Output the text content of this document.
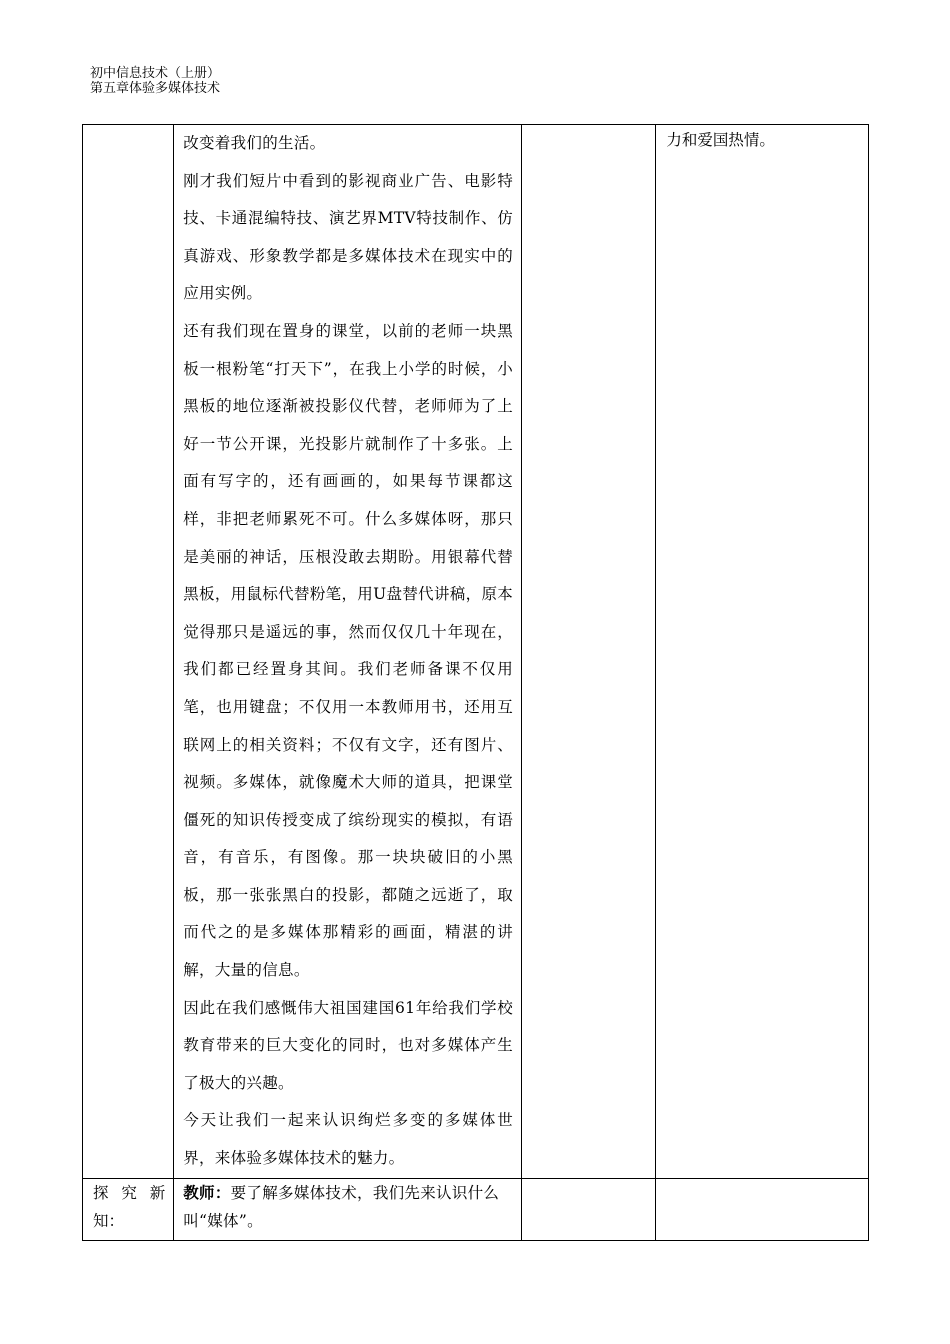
初中信息技术（上册）
第五章体验多媒体技术

	改变着我们的生活。

刚才我们短片中看到的影视商业广告、电影特技、卡通混编特技、演艺界MTV特技制作、仿真游戏、形象教学都是多媒体技术在现实中的应用实例。

还有我们现在置身的课堂，以前的老师一块黑板一根粉笔“打天下”，在我上小学的时候，小黑板的地位逐渐被投影仪代替，老师师为了上好一节公开课，光投影片就制作了十多张。上面有写字的，还有画画的，如果每节课都这样，非把老师累死不可。什么多媒体呀，那只是美丽的神话，压根没敢去期盼。用银幕代替黑板，用鼠标代替粉笔，用U盘替代讲稿，原本觉得那只是遥远的事，然而仅仅几十年现在，我们都已经置身其间。我们老师备课不仅用笔，也用键盘；不仅用一本教师用书，还用互联网上的相关资料；不仅有文字，还有图片、视频。多媒体，就像魔术大师的道具，把课堂僵死的知识传授变成了缤纷现实的模拟，有语音，有音乐，有图像。那一块块破旧的小黑板，那一张张黑白的投影，都随之远逝了，取而代之的是多媒体那精彩的画面，精湛的讲解，大量的信息。

因此在我们感慨伟大祖国建国61年给我们学校教育带来的巨大变化的同时，也对多媒体产生了极大的兴趣。

今天让我们一起来认识绚烂多变的多媒体世界，来体验多媒体技术的魅力。		力和爱国热情。

探 究 新
知：	教师：要了解多媒体技术，我们先来认识什么叫“媒体”。		
